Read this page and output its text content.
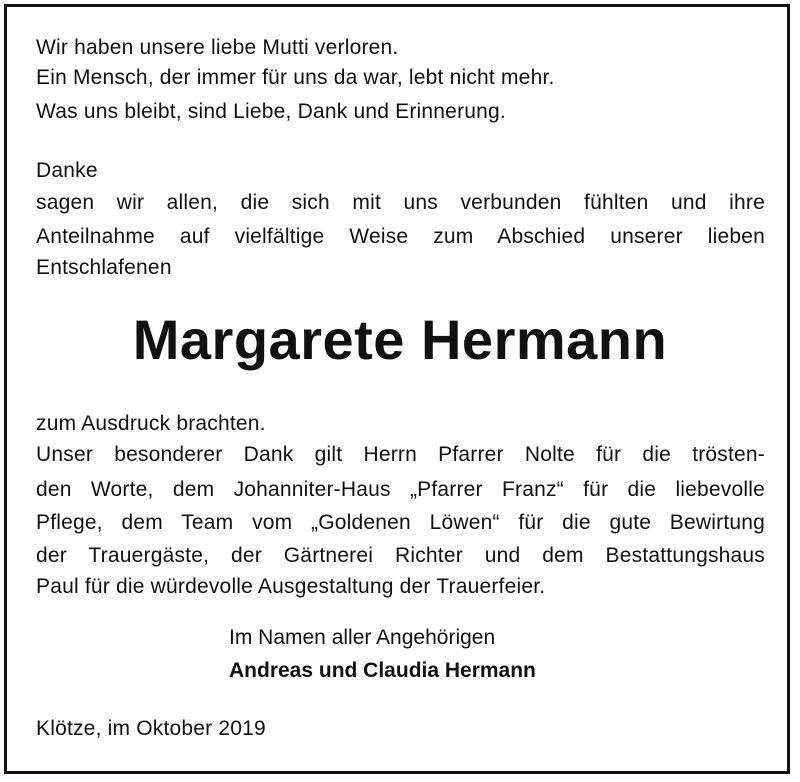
Wir haben unsere liebe Mutti verloren.
Ein Mensch, der immer für uns da war, lebt nicht mehr.
Was uns bleibt, sind Liebe, Dank und Erinnerung.
Danke
sagen wir allen, die sich mit uns verbunden fühlten und ihre
Anteilnahme auf vielfältige Weise zum Abschied unserer lieben
Entschlafenen
Margarete Hermann
zum Ausdruck brachten.
Unser besonderer Dank gilt Herrn Pfarrer Nolte für die trösten-
den Worte, dem Johanniter-Haus „Pfarrer Franz“ für die liebevolle
Pflege, dem Team vom „Goldenen Löwen“ für die gute Bewirtung
der Trauergäste, der Gärtnerei Richter und dem Bestattungshaus
Paul für die würdevolle Ausgestaltung der Trauerfeier.
Im Namen aller Angehörigen
Andreas und Claudia Hermann
Klötze, im Oktober 2019
